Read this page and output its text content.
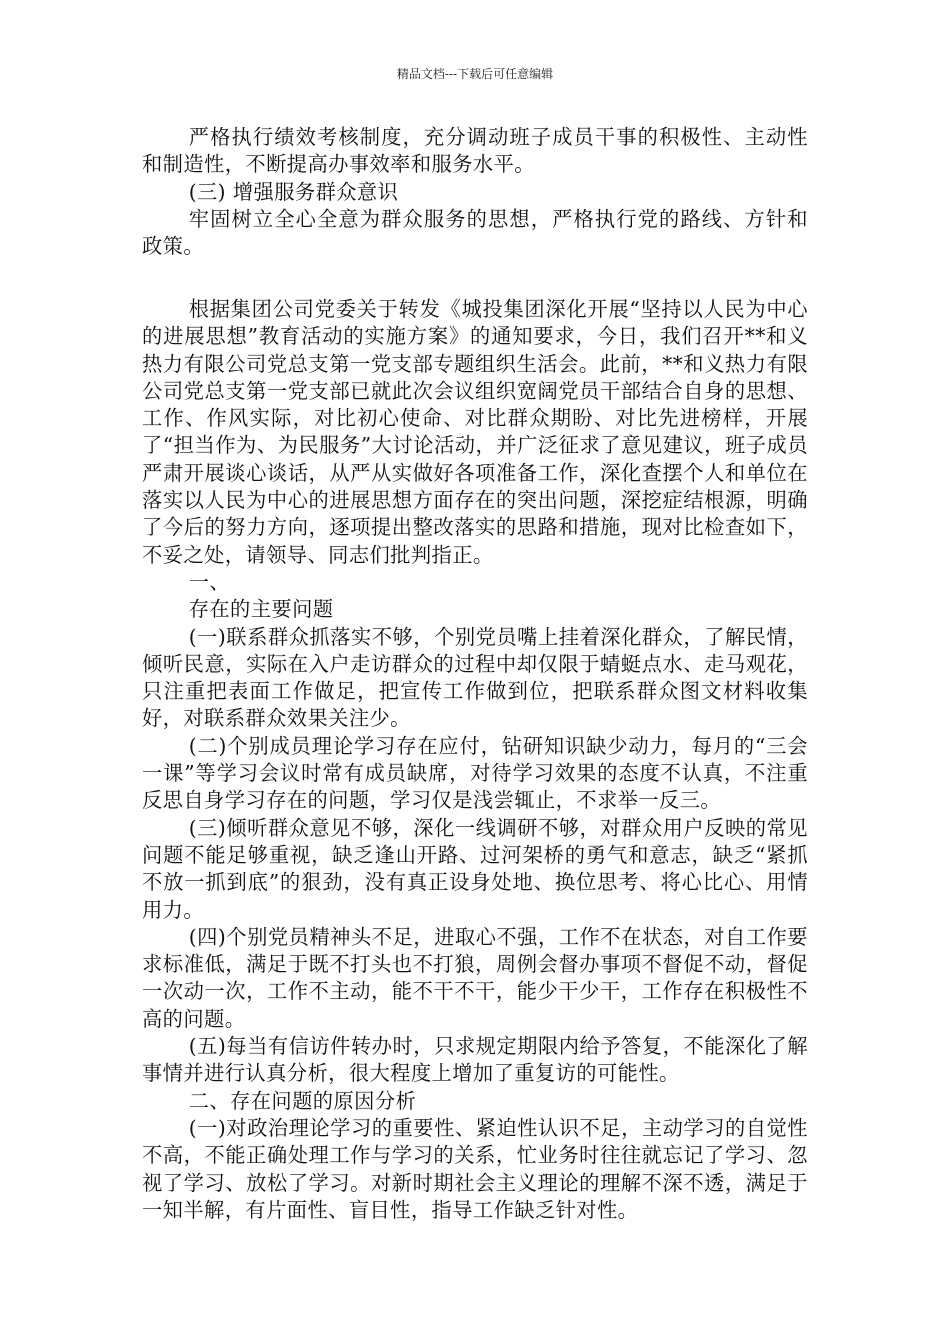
精品文档---下载后可任意编辑

严格执行绩效考核制度，充分调动班子成员干事的积极性、主动性和制造性，不断提高办事效率和服务水平。

(三) 增强服务群众意识

牢固树立全心全意为群众服务的思想，严格执行党的路线、方针和政策。

根据集团公司党委关于转发《城投集团深化开展“坚持以人民为中心的进展思想”教育活动的实施方案》的通知要求，今日，我们召开**和义热力有限公司党总支第一党支部专题组织生活会。此前，**和义热力有限公司党总支第一党支部已就此次会议组织宽阔党员干部结合自身的思想、工作、作风实际，对比初心使命、对比群众期盼、对比先进榜样，开展了“担当作为、为民服务”大讨论活动，并广泛征求了意见建议，班子成员严肃开展谈心谈话，从严从实做好各项准备工作，深化查摆个人和单位在落实以人民为中心的进展思想方面存在的突出问题，深挖症结根源，明确了今后的努力方向，逐项提出整改落实的思路和措施，现对比检查如下，不妥之处，请领导、同志们批判指正。

一、

存在的主要问题

(一)联系群众抓落实不够，个别党员嘴上挂着深化群众，了解民情，倾听民意，实际在入户走访群众的过程中却仅限于蜻蜓点水、走马观花，只注重把表面工作做足，把宣传工作做到位，把联系群众图文材料收集好，对联系群众效果关注少。

(二)个别成员理论学习存在应付，钻研知识缺少动力，每月的“三会一课”等学习会议时常有成员缺席，对待学习效果的态度不认真，不注重反思自身学习存在的问题，学习仅是浅尝辄止，不求举一反三。

(三)倾听群众意见不够，深化一线调研不够，对群众用户反映的常见问题不能足够重视，缺乏逢山开路、过河架桥的勇气和意志，缺乏“紧抓不放一抓到底”的狠劲，没有真正设身处地、换位思考、将心比心、用情用力。

(四)个别党员精神头不足，进取心不强，工作不在状态，对自工作要求标准低，满足于既不打头也不打狼，周例会督办事项不督促不动，督促一次动一次，工作不主动，能不干不干，能少干少干，工作存在积极性不高的问题。

(五)每当有信访件转办时，只求规定期限内给予答复，不能深化了解事情并进行认真分析，很大程度上增加了重复访的可能性。

二、存在问题的原因分析

(一)对政治理论学习的重要性、紧迫性认识不足，主动学习的自觉性不高，不能正确处理工作与学习的关系，忙业务时往往就忘记了学习、忽视了学习、放松了学习。对新时期社会主义理论的理解不深不透，满足于一知半解，有片面性、盲目性，指导工作缺乏针对性。
